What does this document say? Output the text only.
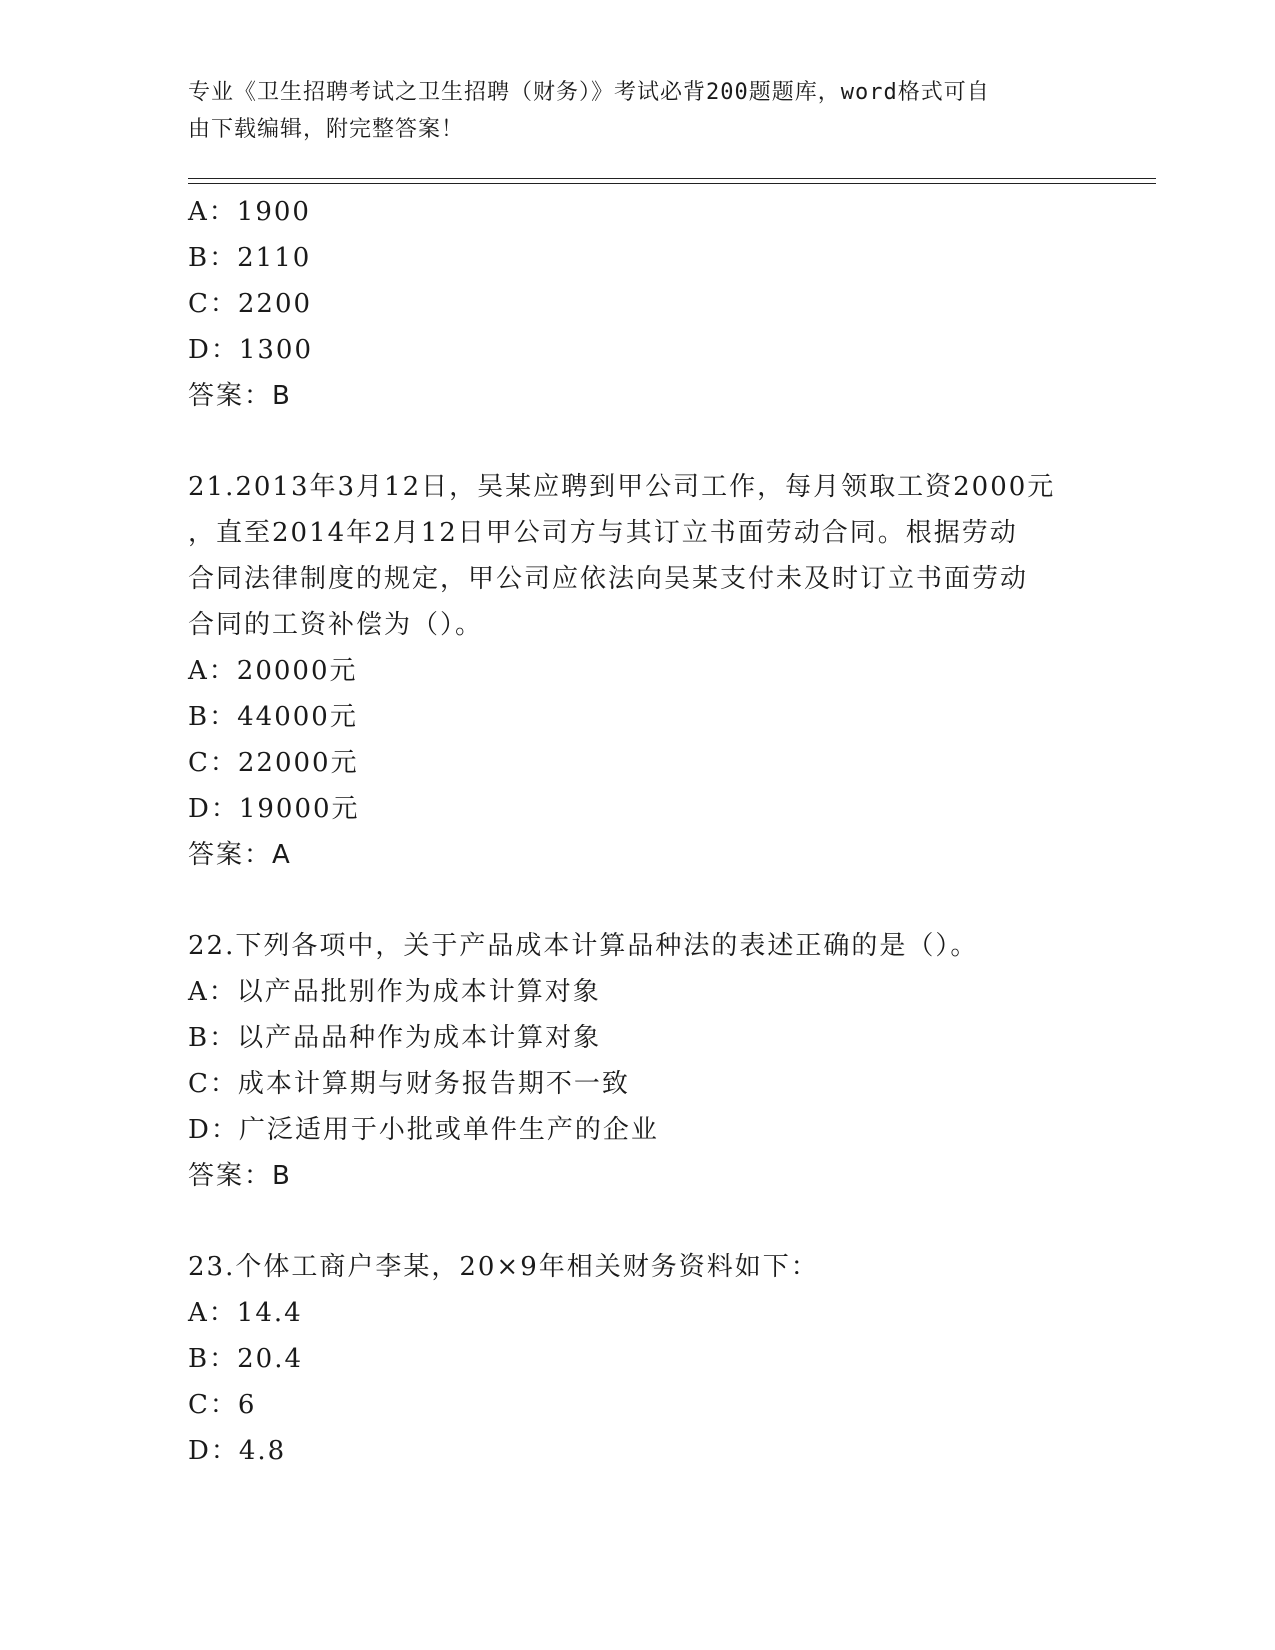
专业《卫生招聘考试之卫生招聘（财务）》考试必背200题题库，word格式可自
由下载编辑，附完整答案！
A：1900
B：2110
C：2200
D：1300
答案：B
21.2013年3月12日，吴某应聘到甲公司工作，每月领取工资2000元
，直至2014年2月12日甲公司方与其订立书面劳动合同。根据劳动
合同法律制度的规定，甲公司应依法向吴某支付未及时订立书面劳动
合同的工资补偿为（）。
A：20000元
B：44000元
C：22000元
D：19000元
答案：A
22.下列各项中，关于产品成本计算品种法的表述正确的是（）。
A：以产品批别作为成本计算对象
B：以产品品种作为成本计算对象
C：成本计算期与财务报告期不一致
D：广泛适用于小批或单件生产的企业
答案：B
23.个体工商户李某，20×9年相关财务资料如下：
A：14.4
B：20.4
C：6
D：4.8
